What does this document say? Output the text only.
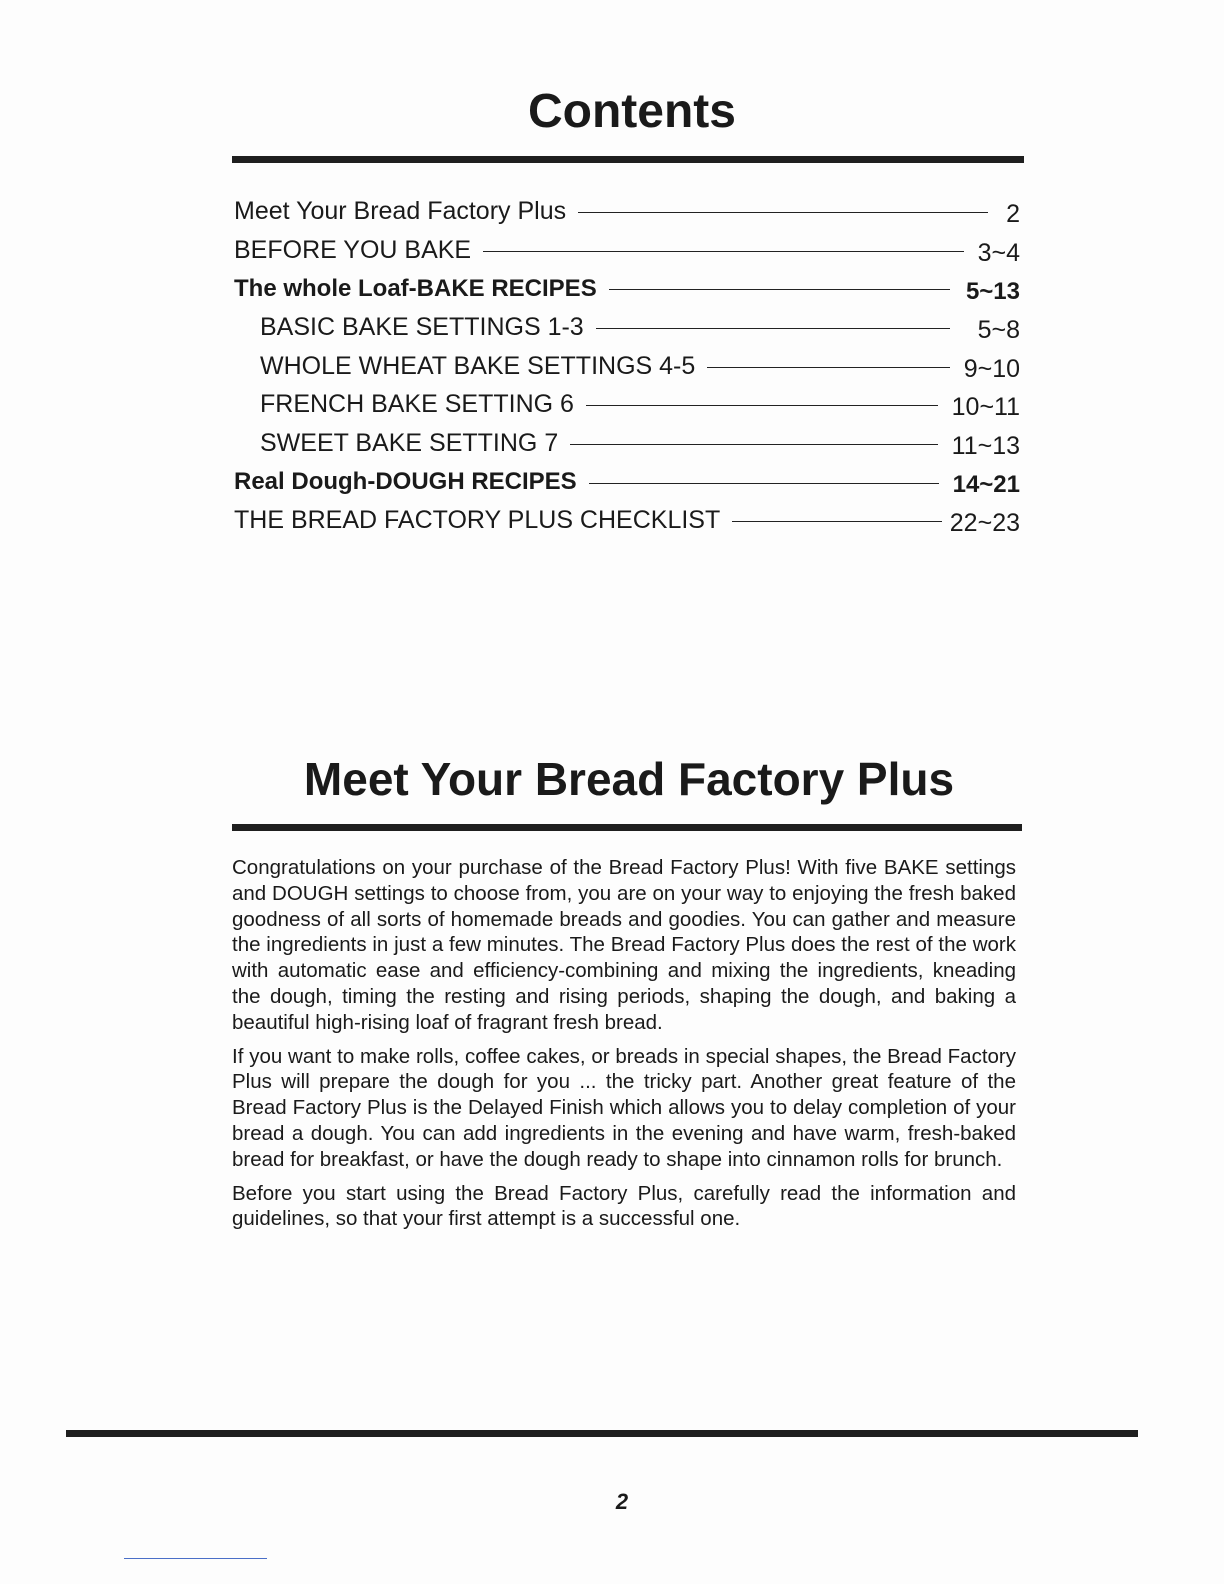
Contents
Meet Your Bread Factory Plus	2
BEFORE YOU BAKE	3~4
The whole Loaf-BAKE RECIPES	5~13
BASIC BAKE SETTINGS 1-3	5~8
WHOLE WHEAT BAKE SETTINGS 4-5	9~10
FRENCH BAKE SETTING 6	10~11
SWEET BAKE SETTING 7	11~13
Real Dough-DOUGH RECIPES	14~21
THE BREAD FACTORY PLUS CHECKLIST	22~23
Meet Your Bread Factory Plus

Congratulations on your purchase of the Bread Factory Plus! With five BAKE settings and DOUGH settings to choose from, you are on your way to enjoying the fresh baked goodness of all sorts of homemade breads and goodies. You can gather and measure the ingredients in just a few minutes. The Bread Factory Plus does the rest of the work with automatic ease and efficiency-combining and mixing the ingredients, kneading the dough, timing the resting and rising periods, shaping the dough, and baking a beautiful high-rising loaf of fragrant fresh bread.

If you want to make rolls, coffee cakes, or breads in special shapes, the Bread Factory Plus will prepare the dough for you ... the tricky part. Another great feature of the Bread Factory Plus is the Delayed Finish which allows you to delay completion of your bread a dough. You can add ingredients in the evening and have warm, fresh-baked bread for breakfast, or have the dough ready to shape into cinnamon rolls for brunch.

Before you start using the Bread Factory Plus, carefully read the information and guidelines, so that your first attempt is a successful one.

2
